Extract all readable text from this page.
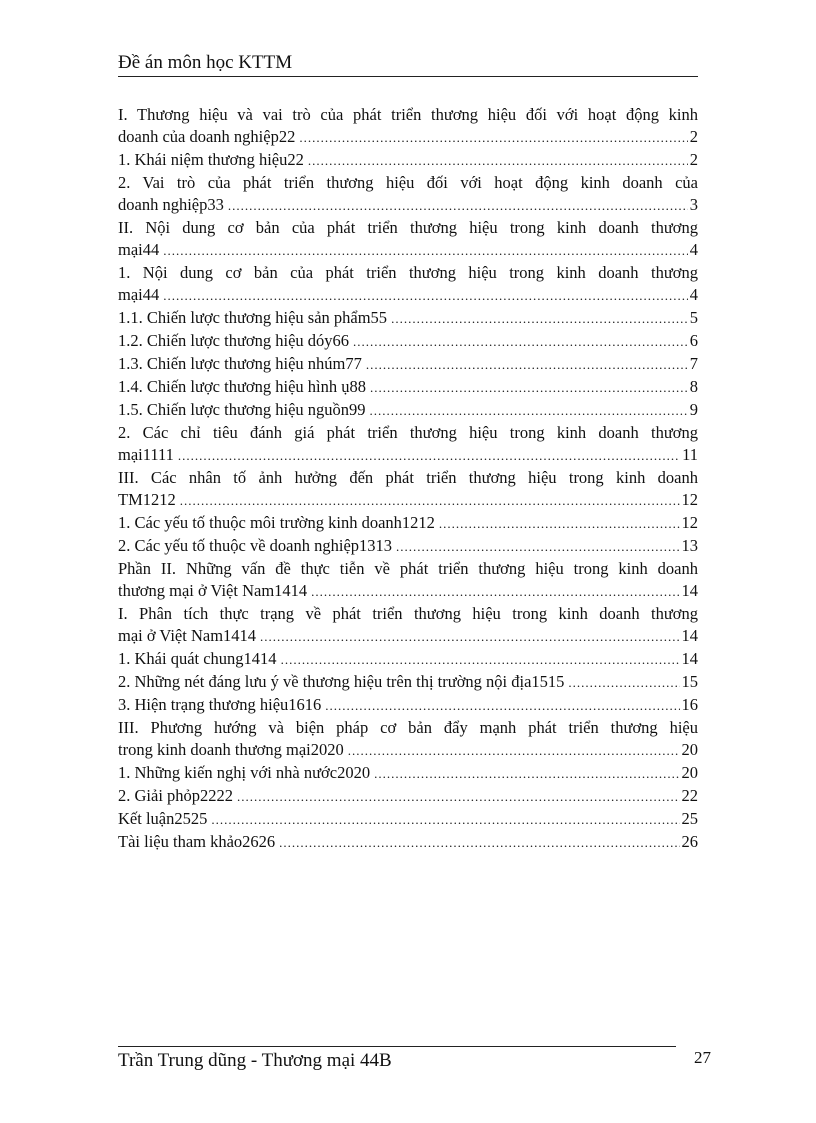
Đề án môn học KTTM
I. Thương hiệu và vai trò của phát triển thương hiệu đối với hoạt động kinh
doanh của doanh nghiệp22 .....	2
1. Khái niệm thương hiệu22 .....	2
2. Vai trò của phát triển thương hiệu đối với hoạt động kinh doanh của
doanh nghiệp33 .....	3
II. Nội dung cơ bản của phát triển thương hiệu trong kinh doanh thương
mại44 .....	4
1. Nội dung cơ bản của phát triển thương hiệu trong kinh doanh thương
mại44 .....	4
1.1. Chiến lược thương hiệu sản phẩm55 .....	5
1.2. Chiến lược thương hiệu dóy66 .....	6
1.3. Chiến lược thương hiệu nhúm77 .....	7
1.4. Chiến lược thương hiệu hình ụ88 .....	8
1.5. Chiến lược thương hiệu nguồn99 .....	9
2. Các chỉ tiêu đánh giá phát triển thương hiệu trong kinh doanh thương
mại1111 .....	11
III. Các nhân tố ảnh hưởng đến phát triển thương hiệu trong kinh doanh
TM1212 .....	12
1. Các yếu tố thuộc môi trường kinh doanh1212 .....	12
2. Các yếu tố thuộc về doanh nghiệp1313 .....	13
Phần II. Những vấn đề thực tiễn về phát triển thương hiệu trong kinh doanh
thương mại ở Việt Nam1414 .....	14
I. Phân tích thực trạng về phát triển thương hiệu trong kinh doanh thương
mại ở Việt Nam1414 .....	14
1. Khái quát chung1414 .....	14
2. Những nét đáng lưu ý về thương hiệu trên thị trường nội địa1515 .....	15
3. Hiện trạng thương hiệu1616 .....	16
III. Phương hướng và biện pháp cơ bản đẩy mạnh phát triển thương hiệu
trong kinh doanh thương mại2020 .....	20
1. Những kiến nghị với nhà nước2020 .....	20
2. Giải phỏp2222 .....	22
Kết luận2525 .....	25
Tài liệu tham khảo2626 .....	26
Trần Trung dũng - Thương mại 44B	27
